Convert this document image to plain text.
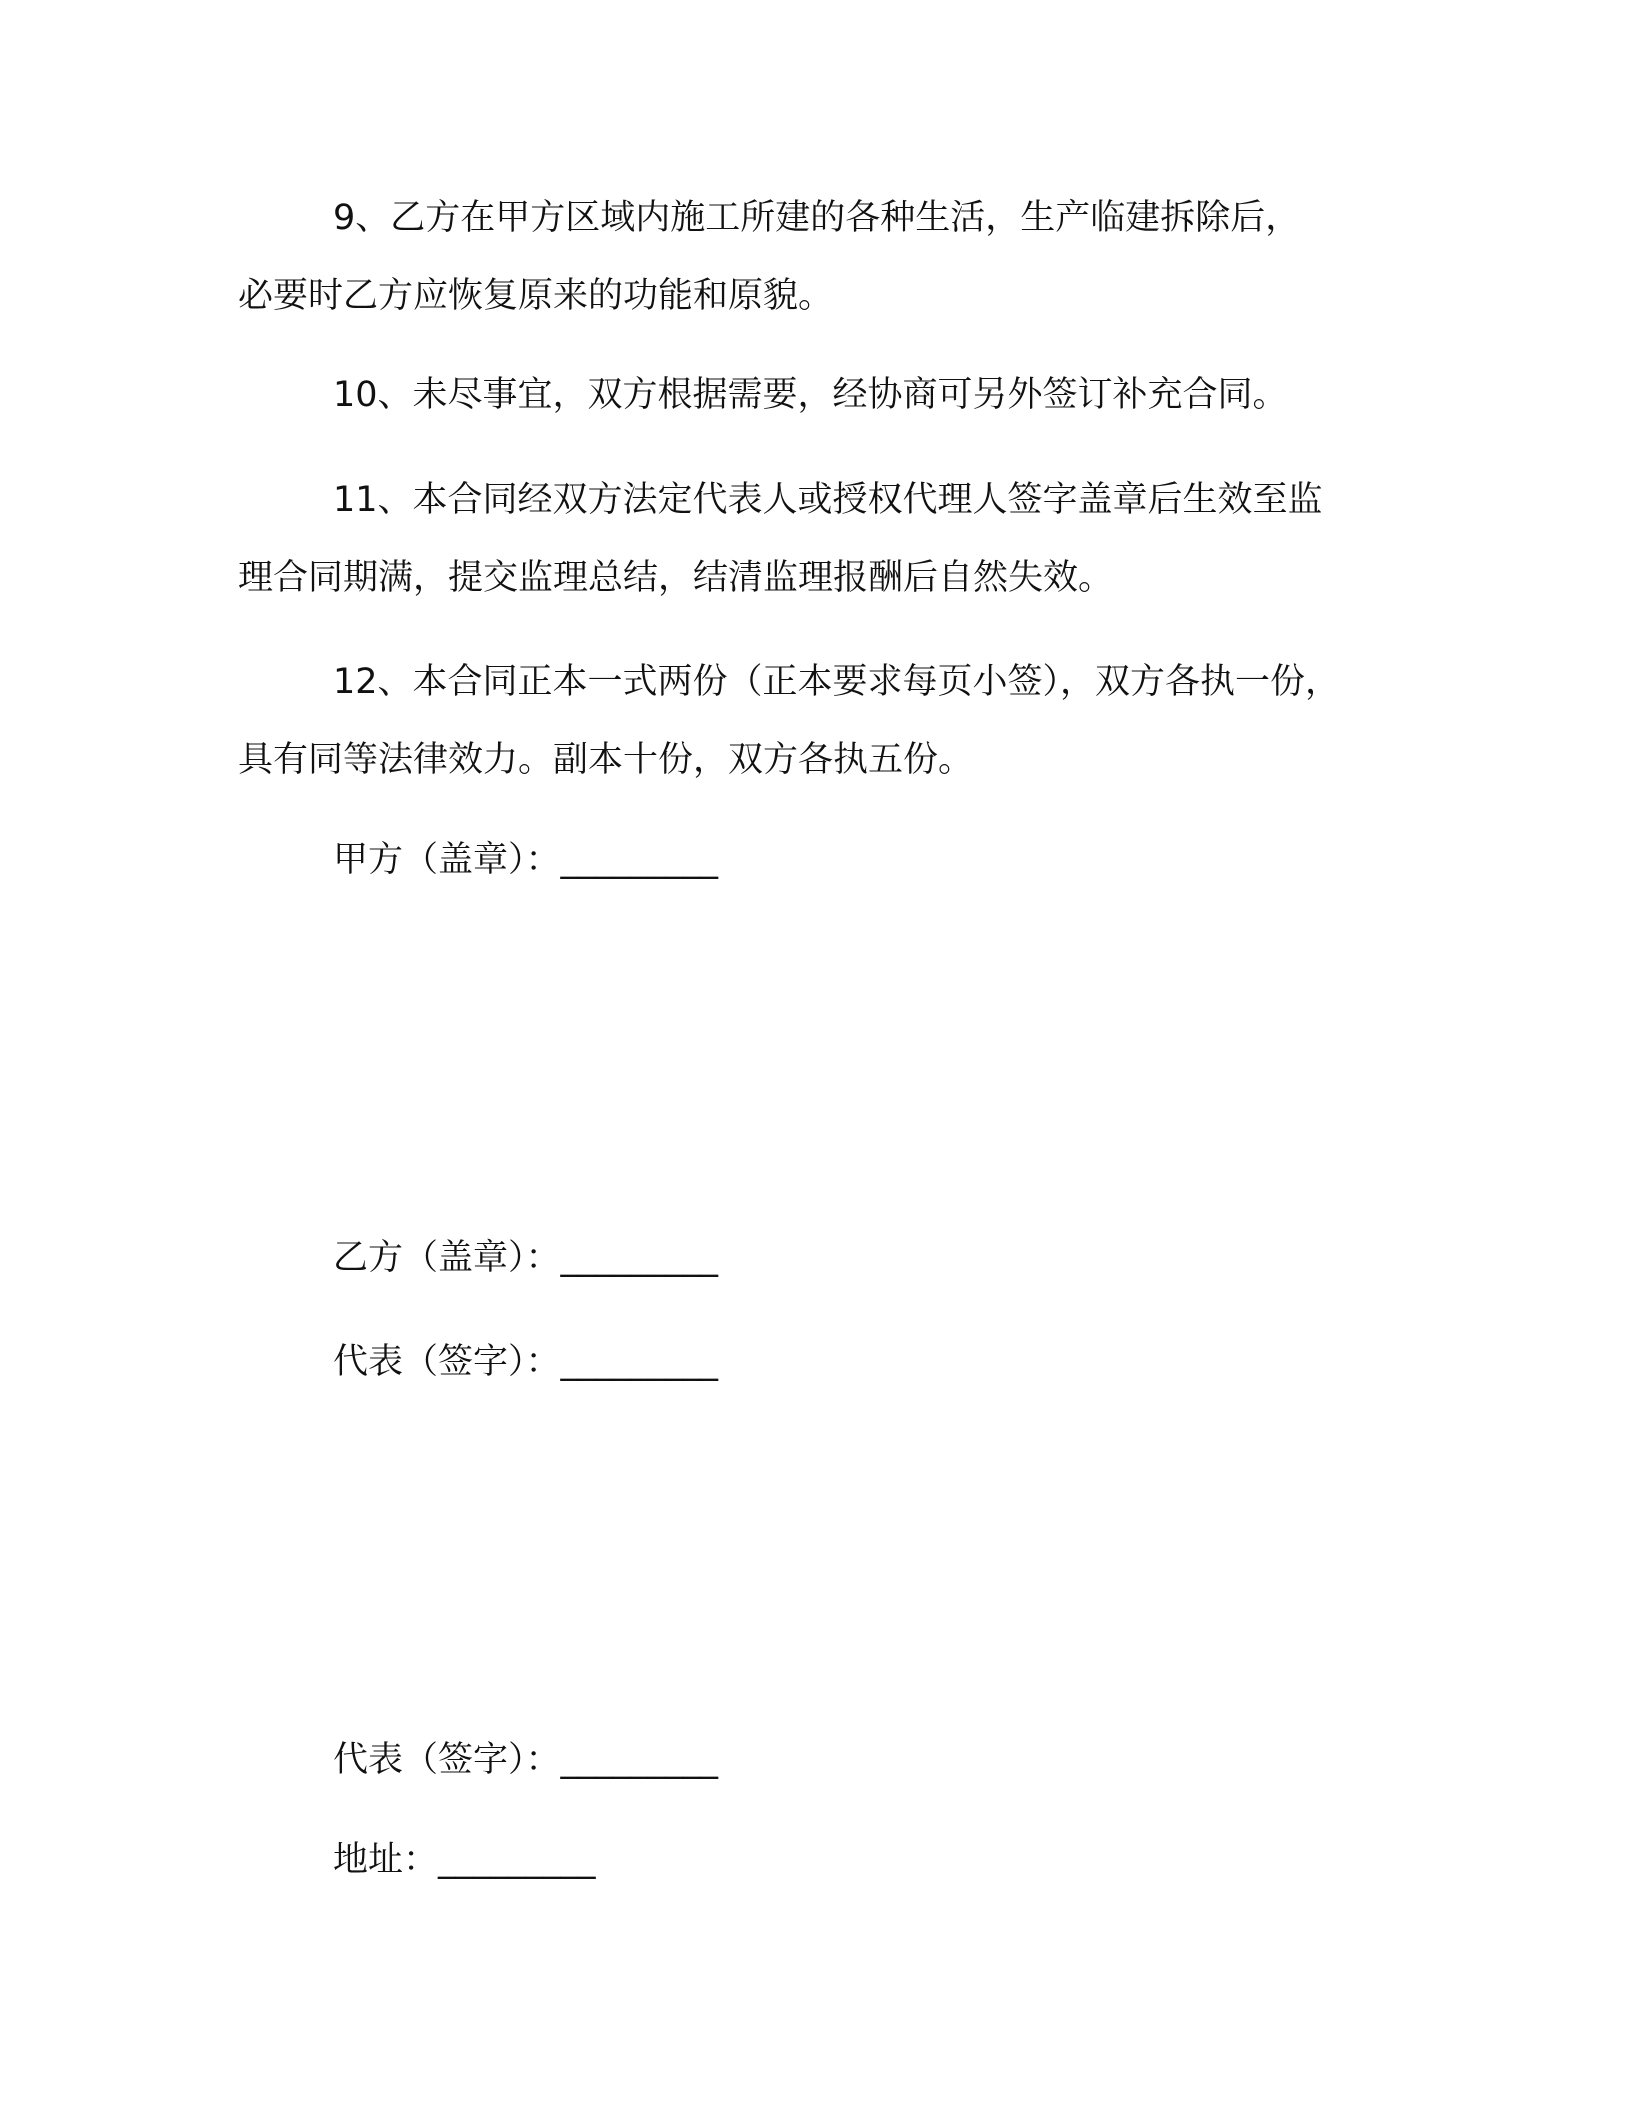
9、乙方在甲方区域内施工所建的各种生活，生产临建拆除后，
必要时乙方应恢复原来的功能和原貌。
10、未尽事宜，双方根据需要，经协商可另外签订补充合同。
11、本合同经双方法定代表人或授权代理人签字盖章后生效至监
理合同期满，提交监理总结，结清监理报酬后自然失效。
12、本合同正本一式两份（正本要求每页小签），双方各执一份，
具有同等法律效力。副本十份，双方各执五份。
甲方（盖章）：_________
乙方（盖章）：_________
代表（签字）：_________
代表（签字）：_________
地址：_________
